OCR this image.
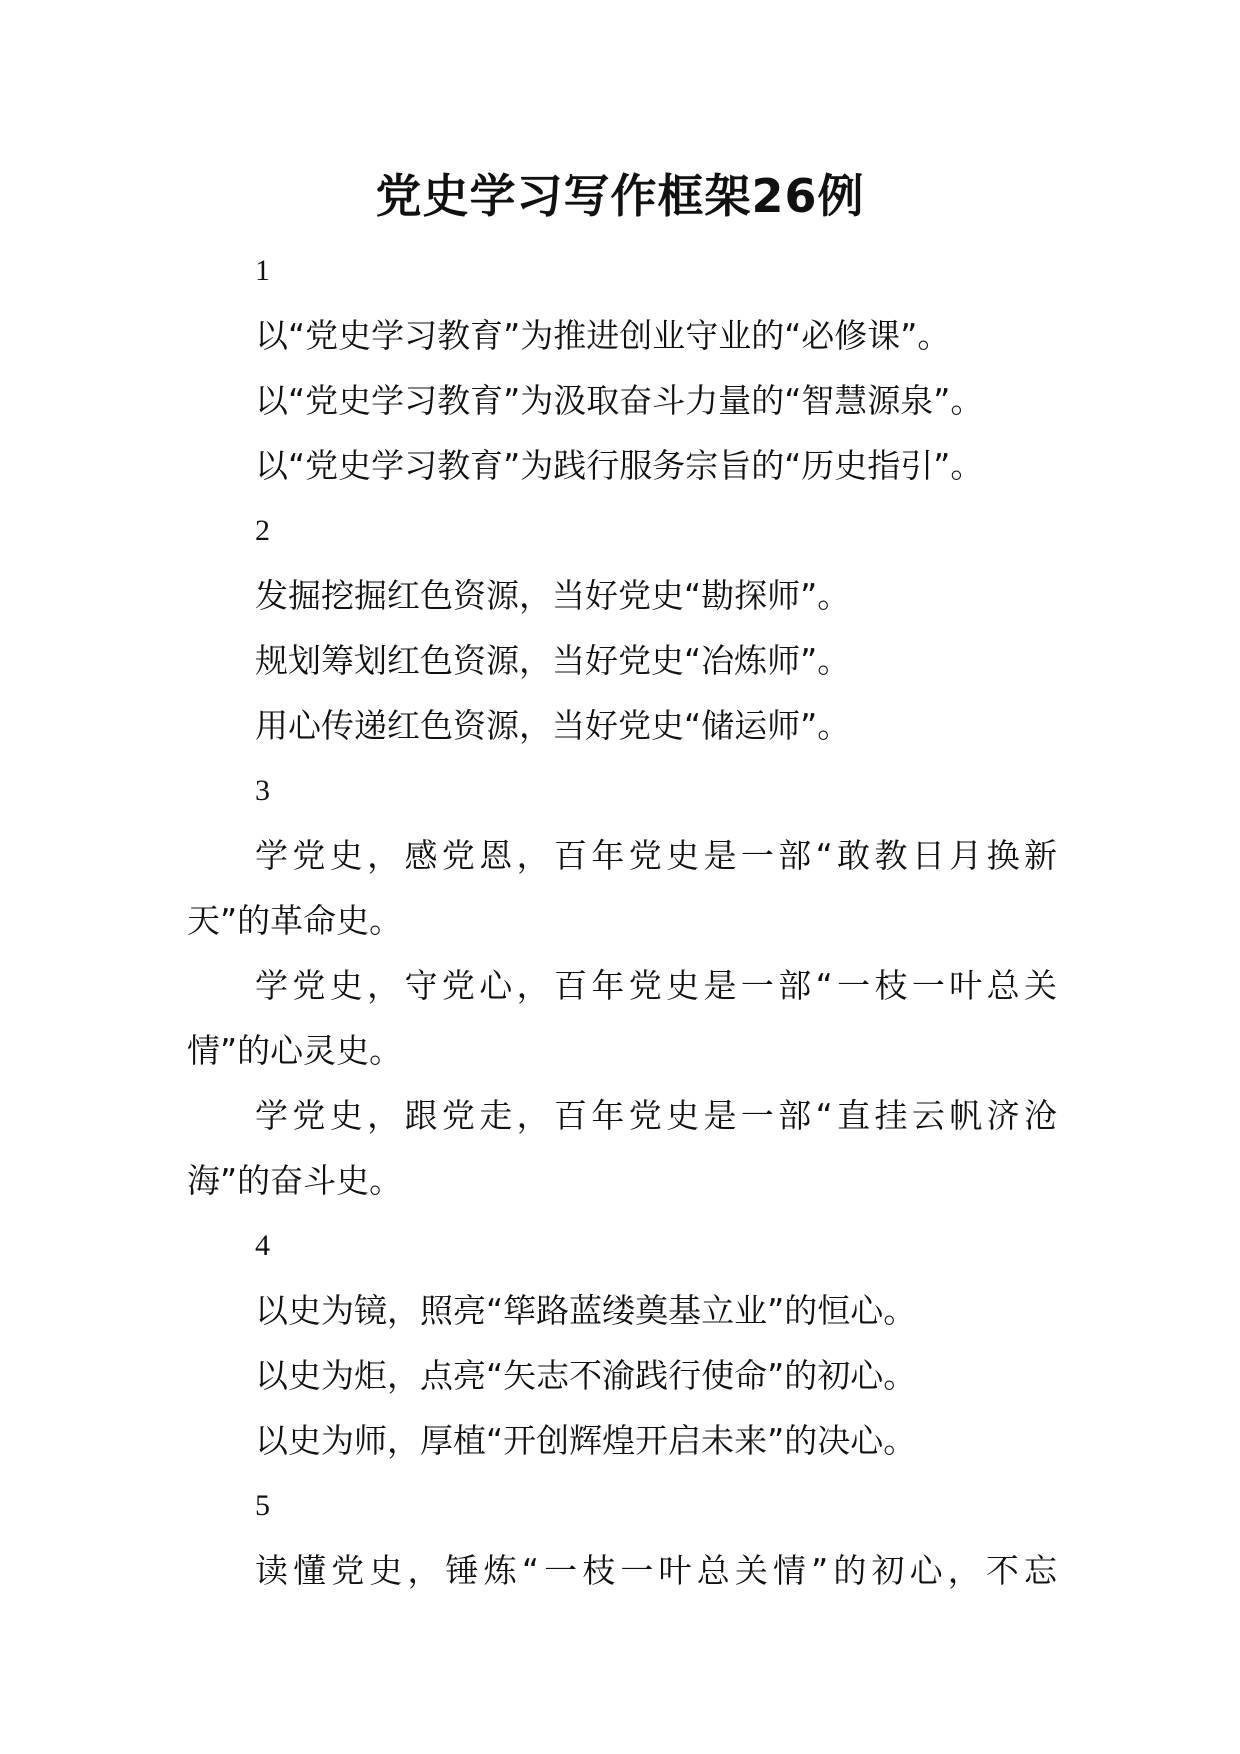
党史学习写作框架26例
1
以“党史学习教育”为推进创业守业的“必修课”。
以“党史学习教育”为汲取奋斗力量的“智慧源泉”。
以“党史学习教育”为践行服务宗旨的“历史指引”。
2
发掘挖掘红色资源，当好党史“勘探师”。
规划筹划红色资源，当好党史“冶炼师”。
用心传递红色资源，当好党史“储运师”。
3
学党史，感党恩，百年党史是一部“敢教日月换新
天”的革命史。
学党史，守党心，百年党史是一部“一枝一叶总关
情”的心灵史。
学党史，跟党走，百年党史是一部“直挂云帆济沧
海”的奋斗史。
4
以史为镜，照亮“筚路蓝缕奠基立业”的恒心。
以史为炬，点亮“矢志不渝践行使命”的初心。
以史为师，厚植“开创辉煌开启未来”的决心。
5
读懂党史，锤炼“一枝一叶总关情”的初心，不忘
